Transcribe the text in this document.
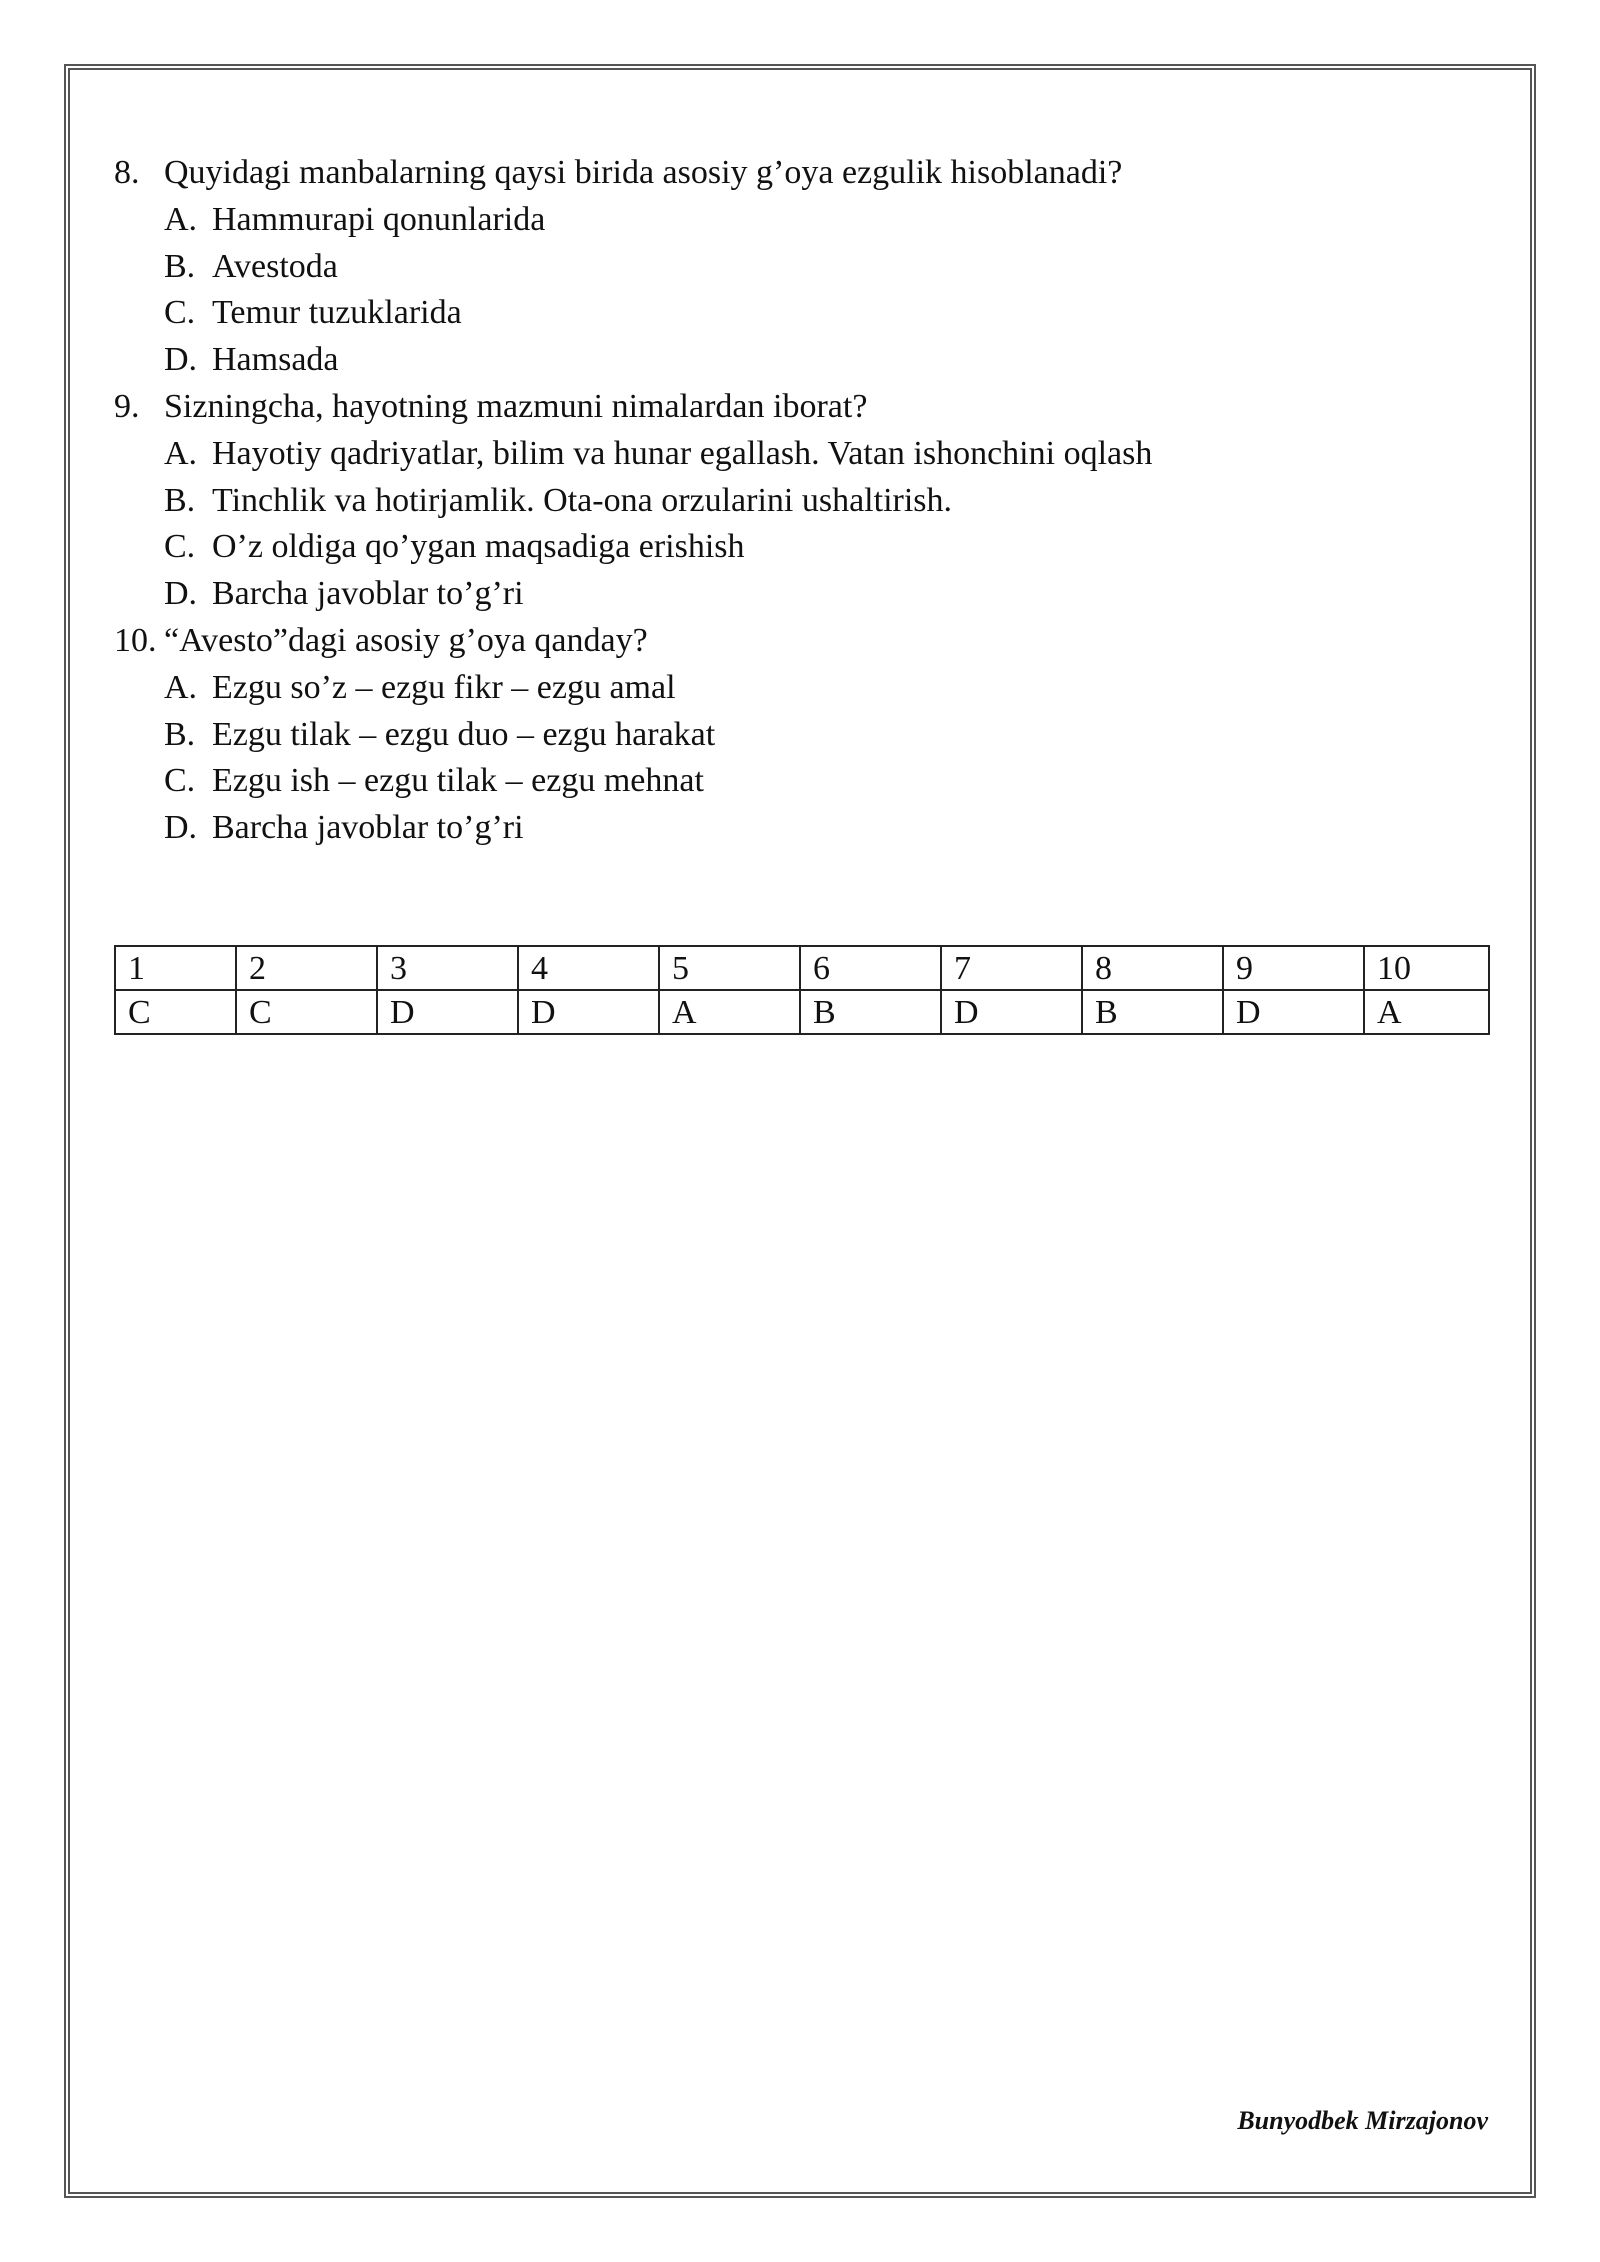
8. Quyidagi manbalarning qaysi birida asosiy g’oya ezgulik hisoblanadi?
A. Hammurapi qonunlarida
B. Avestoda
C. Temur tuzuklarida
D. Hamsada
9. Sizningcha, hayotning mazmuni nimalardan iborat?
A. Hayotiy qadriyatlar, bilim va hunar egallash. Vatan ishonchini oqlash
B. Tinchlik va hotirjamlik. Ota-ona orzularini ushaltirish.
C. O’z oldiga qo’ygan maqsadiga erishish
D. Barcha javoblar to’g’ri
10. “Avesto”dagi asosiy g’oya qanday?
A. Ezgu so’z – ezgu fikr – ezgu amal
B. Ezgu tilak – ezgu duo – ezgu harakat
C. Ezgu ish – ezgu tilak – ezgu mehnat
D. Barcha javoblar to’g’ri
1	2	3	4	5	6	7	8	9	10
C	C	D	D	A	B	D	B	D	A
Bunyodbek Mirzajonov
